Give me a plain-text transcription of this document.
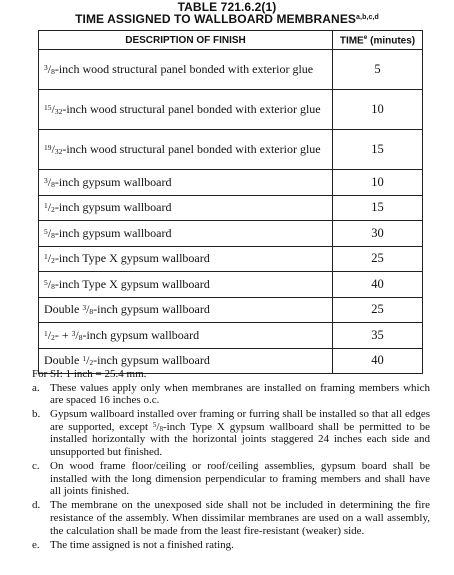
TABLE 721.6.2(1)
TIME ASSIGNED TO WALLBOARD MEMBRANES$^{a,b,c,d}$
DESCRIPTION OF FINISH	TIME$^e$ (minutes)
$^3/_8$-inch wood structural panel bonded with exterior glue	5
$^{15}/_{32}$-inch wood structural panel bonded with exterior glue	10
$^{19}/_{32}$-inch wood structural panel bonded with exterior glue	15
$^3/_8$-inch gypsum wallboard	10
$^1/_2$-inch gypsum wallboard	15
$^5/_8$-inch gypsum wallboard	30
$^1/_2$-inch Type X gypsum wallboard	25
$^5/_8$-inch Type X gypsum wallboard	40
Double $^3/_8$-inch gypsum wallboard	25
$^1/_2-$ + $^3/_8$-inch gypsum wallboard	35
Double $^1/_2$-inch gypsum wallboard	40
For SI: 1 inch = 25.4 mm.
a. These values apply only when membranes are installed on framing members which are spaced 16 inches o.c.
b. Gypsum wallboard installed over framing or furring shall be installed so that all edges are supported, except $^5/_8$-inch Type X gypsum wallboard shall be permitted to be installed horizontally with the horizontal joints staggered 24 inches each side and unsupported but finished.
c. On wood frame floor/ceiling or roof/ceiling assemblies, gypsum board shall be installed with the long dimension perpendicular to framing members and shall have all joints finished.
d. The membrane on the unexposed side shall not be included in determining the fire resistance of the assembly. When dissimilar membranes are used on a wall assembly, the calculation shall be made from the least fire-resistant (weaker) side.
e. The time assigned is not a finished rating.
